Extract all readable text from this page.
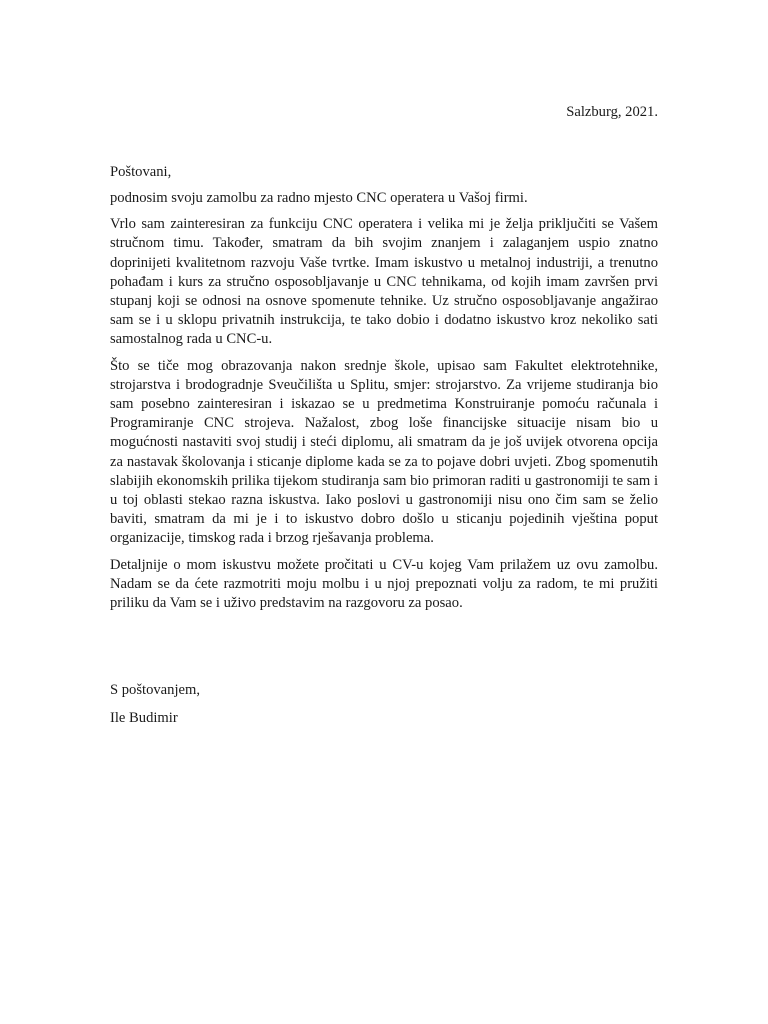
Salzburg, 2021.
Poštovani,

podnosim svoju zamolbu za radno mjesto CNC operatera u Vašoj firmi.

Vrlo sam zainteresiran za funkciju CNC operatera i velika mi je želja priključiti se Vašem stručnom timu. Također, smatram da bih svojim znanjem i zalaganjem uspio znatno doprinijeti kvalitetnom razvoju Vaše tvrtke. Imam iskustvo u metalnoj industriji, a trenutno pohađam i kurs za stručno osposobljavanje u CNC tehnikama, od kojih imam završen prvi stupanj koji se odnosi na osnove spomenute tehnike. Uz stručno osposobljavanje angažirao sam se i u sklopu privatnih instrukcija, te tako dobio i dodatno iskustvo kroz nekoliko sati samostalnog rada u CNC-u.

Što se tiče mog obrazovanja nakon srednje škole, upisao sam Fakultet elektrotehnike, strojarstva i brodogradnje Sveučilišta u Splitu, smjer: strojarstvo. Za vrijeme studiranja bio sam posebno zainteresiran i iskazao se u predmetima Konstruiranje pomoću računala i Programiranje CNC strojeva. Nažalost, zbog loše financijske situacije nisam bio u mogućnosti nastaviti svoj studij i steći diplomu, ali smatram da je još uvijek otvorena opcija za nastavak školovanja i sticanje diplome kada se za to pojave dobri uvjeti. Zbog spomenutih slabijih ekonomskih prilika tijekom studiranja sam bio primoran raditi u gastronomiji te sam i u toj oblasti stekao razna iskustva. Iako poslovi u gastronomiji nisu ono čim sam se želio baviti, smatram da mi je i to iskustvo dobro došlo u sticanju pojedinih vještina poput organizacije, timskog rada i brzog rješavanja problema.

Detaljnije o mom iskustvu možete pročitati u CV-u kojeg Vam prilažem uz ovu zamolbu. Nadam se da ćete razmotriti moju molbu i u njoj prepoznati volju za radom, te mi pružiti priliku da Vam se i uživo predstavim na razgovoru za posao.

S poštovanjem,
Ile Budimir
